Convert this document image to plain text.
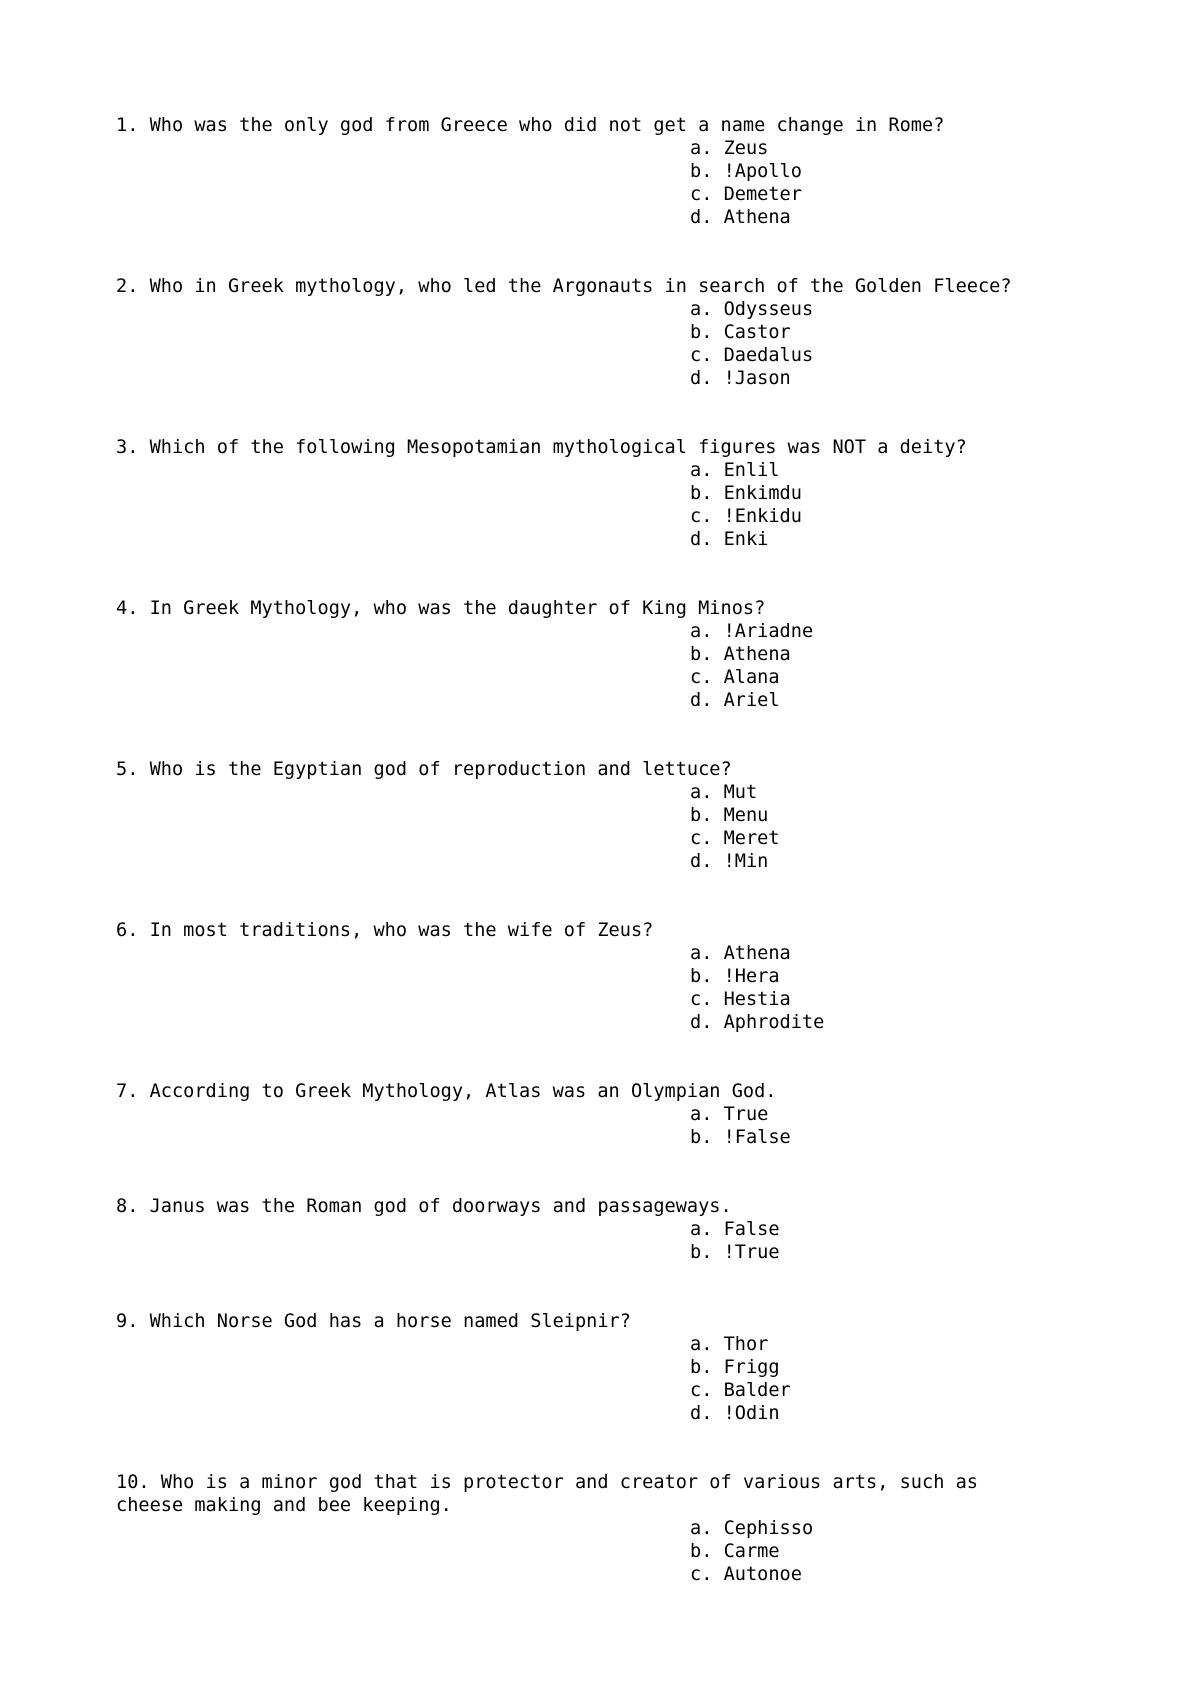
1. Who was the only god from Greece who did not get a name change in Rome?

a. Zeus
b. !Apollo
c. Demeter
d. Athena

2. Who in Greek mythology, who led the Argonauts in search of the Golden Fleece?

a. Odysseus
b. Castor
c. Daedalus
d. !Jason

3. Which of the following Mesopotamian mythological figures was NOT a deity?

a. Enlil
b. Enkimdu
c. !Enkidu
d. Enki

4. In Greek Mythology, who was the daughter of King Minos?

a. !Ariadne
b. Athena
c. Alana
d. Ariel

5. Who is the Egyptian god of reproduction and lettuce?

a. Mut
b. Menu
c. Meret
d. !Min

6. In most traditions, who was the wife of Zeus?

a. Athena
b. !Hera
c. Hestia
d. Aphrodite

7. According to Greek Mythology, Atlas was an Olympian God.

a. True
b. !False

8. Janus was the Roman god of doorways and passageways.

a. False
b. !True

9. Which Norse God has a horse named Sleipnir?

a. Thor
b. Frigg
c. Balder
d. !Odin

10. Who is a minor god that is protector and creator of various arts, such as
cheese making and bee keeping.

a. Cephisso
b. Carme
c. Autonoe
